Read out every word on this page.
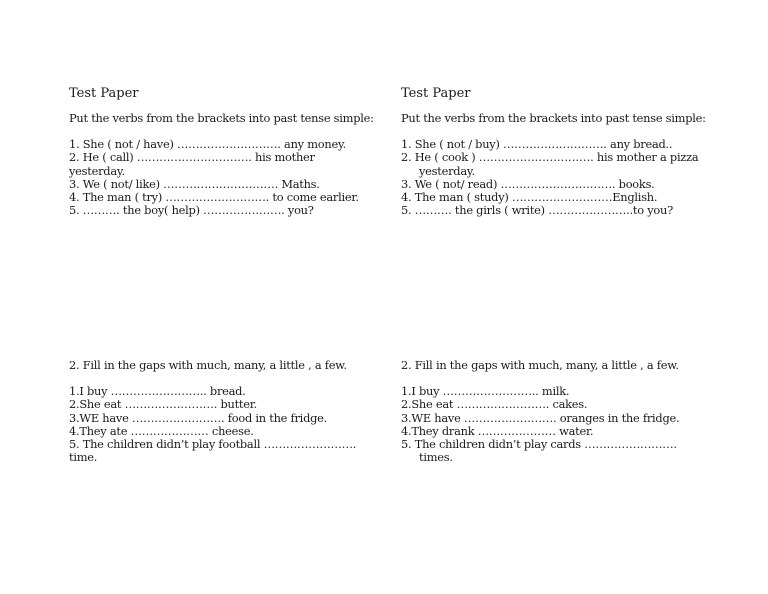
Test Paper
Put the verbs from the brackets into past tense simple:

1. She ( not / have) ………………………. any money.

2. He ( call) …………………………. his mother

yesterday.

3. We ( not/ like) …………………………. Maths.

4. The man ( try) ………………………. to come earlier.

5. ………. the boy( help) …………………. you?

2. Fill in the gaps with much, many, a little , a few.

1.I buy …………………….. bread.

2.She eat ……………………. butter.

3.WE have ……………………. food in the fridge.

4.They ate ………………… cheese.

5. The children didn’t play football …………………….

time.

Test Paper
Put the verbs from the brackets into past tense simple:

1. She ( not / buy) ………………………. any bread..

2. He ( cook ) …………………………. his mother a pizza

yesterday.

3. We ( not/ read) …………………………. books.

4. The man ( study) ………………………English.

5. ………. the girls ( write) …………………..to you?

2. Fill in the gaps with much, many, a little , a few.

1.I buy …………………….. milk.

2.She eat ……………………. cakes.

3.WE have ……………………. oranges in the fridge.

4.They drank ………………… water.

5. The children didn’t play cards …………………….

times.
